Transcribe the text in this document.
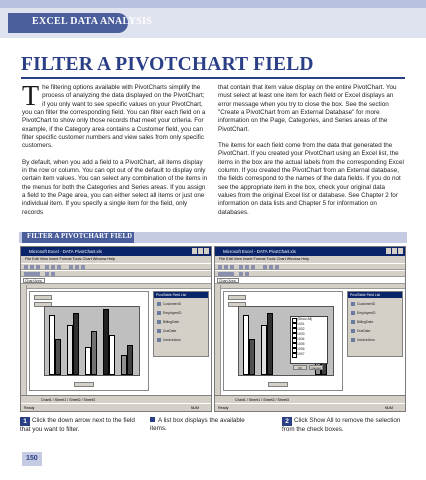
EXCEL DATA ANALYSIS
FILTER A PIVOTCHART FIELD

The filtering options available with PivotCharts simplify the process of analyzing the data displayed on the PivotChart; if you only want to see specific values on your PivotChart, you can filter the corresponding field. You can filter each field on a PivotChart to show only those records that meet your criteria. For example, if the Category area contains a Customer field, you can filter specific customer numbers and view sales from only specific customers.

By default, when you add a field to a PivotChart, all items display in the row or column. You can opt out of the default to display only certain item values. You can select any combination of the items in the menus for both the Categories and Series areas. If you assign a field to the Page area, you can either select all items or just one individual item. If you specify a single item for the field, only records

that contain that item value display on the entire PivotChart. You must select at least one item for each field or Excel displays an error message when you try to close the box. See the section "Create a PivotChart from an External Database" for more information on the Page, Categories, and Series areas of the PivotChart.

The items for each field come from the data that generated the PivotChart. If you created your PivotChart using an Excel list, the items in the box are the actual labels from the corresponding Excel column. If you created the PivotChart from an External database, the fields correspond to the names of the data fields. If you do not see the appropriate item in the box, check your original data values from the original Excel list or database. See Chapter 2 for information on data lists and Chapter 5 for information on databases.

FILTER A PIVOTCHART FIELD
Microsoft Excel - DATA PivotChart.xls
File Edit View Insert Format Tools Chart Window Help
Chart Area
PivotTable Field List
CustomerID
EmployeeID
BillingDate
DueDate
InvoiceAmo
Chart1 / Sheet1 / Sheet2 / Sheet3
Ready	NUM
Microsoft Excel - DATA PivotChart.xls
File Edit View Insert Format Tools Chart Window Help
Chart Area
(Show All)
1001
1002
1003
1004
1005
1006
1007
OK	Cancel
PivotTable Field List
CustomerID
EmployeeID
BillingDate
DueDate
InvoiceAmo
Chart1 / Sheet1 / Sheet2 / Sheet3
Ready	NUM
1 Click the down arrow next to the field that you want to filter.
A list box displays the available items.
2 Click Show All to remove the selection from the check boxes.
150
